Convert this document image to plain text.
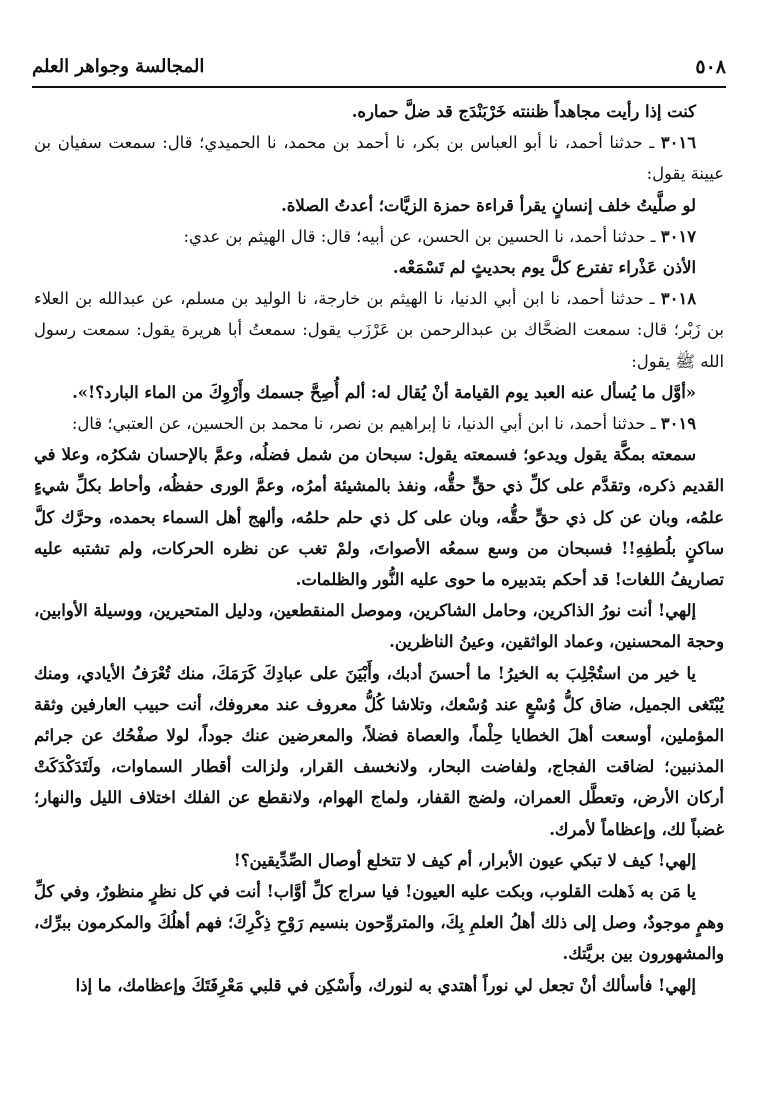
٥٠٨
المجالسة وجواهر العلم

كنت إذا رأيت مجاهداً ظننته خَرْبَنْدَج قد ضلَّ حماره.

٣٠١٦ ـ حدثنا أحمد، نا أبو العباس بن بكر، نا أحمد بن محمد، نا الحميدي؛ قال: سمعت سفيان بن عيينة يقول:

لو صلَّيتُ خلف إنسانٍ يقرأ قراءة حمزة الزيَّات؛ أعدتُ الصلاة.

٣٠١٧ ـ حدثنا أحمد، نا الحسين بن الحسن، عن أبيه؛ قال: قال الهيثم بن عدي:

الأذن عَذْراء تفترع كلَّ يوم بحديثٍ لم تَسْمَعْه.

٣٠١٨ ـ حدثنا أحمد، نا ابن أبي الدنيا، نا الهيثم بن خارجة، نا الوليد بن مسلم، عن عبدالله بن العلاء بن زَبْر؛ قال: سمعت الضحَّاك بن عبدالرحمن بن عَرْزَب يقول: سمعتُ أبا هريرة يقول: سمعت رسول الله ﷺ يقول:

«أوَّل ما يُسأل عنه العبد يوم القيامة أنْ يُقال له: ألم أُصِحَّ جسمك وأَرْوِكَ من الماء البارد؟!».

٣٠١٩ ـ حدثنا أحمد، نا ابن أبي الدنيا، نا إبراهيم بن نصر، نا محمد بن الحسين، عن العتبي؛ قال:

سمعته بمكَّة يقول ويدعو؛ فسمعته يقول: سبحان من شمل فضلُه، وعمَّ بالإحسان شكرُه، وعلا في القديم ذكره، وتقدَّم على كلِّ ذي حقٍّ حقُّه، ونفذ بالمشيئة أمرُه، وعمَّ الورى حفظُه، وأحاط بكلِّ شيءٍ علمُه، وبان عن كل ذي حقٍّ حقُّه، وبان على كل ذي حلم حلمُه، وألهج أهل السماء بحمده، وحرَّك كلَّ ساكنٍ بلُطفِهِ!! فسبحان من وسع سمعُه الأصواتَ، ولمْ تغب عن نظره الحركات، ولم تشتبه عليه تصاريفُ اللغات! قد أحكم بتدبيره ما حوى عليه النُّور والظلمات.

إلهي! أنت نورُ الذاكرين، وحامل الشاكرين، وموصل المنقطعين، ودليل المتحيرين، ووسيلة الأوابين، وحجة المحسنين، وعماد الواثقين، وعينُ الناظرين.

يا خير من استُجْلِبَ به الخيرُ! ما أحسنَ أدبك، وأَبْيَنَ على عبادِكَ كَرَمَكَ، منك تُعْرَفُ الأيادي، ومنك يُبْتَغى الجميل، ضاق كلُّ وُسْعٍ عند وُسْعك، وتلاشا كُلُّ معروف عند معروفك، أنت حبيب العارفين وثقة المؤملين، أوسعت أهلَ الخطايا حِلْماً، والعصاة فضلاً، والمعرضين عنك جوداً، لولا صفْحُك عن جرائم المذنبين؛ لضاقت الفجاج، ولفاضت البحار، ولانخسف القرار، ولزالت أقطار السماوات، ولَتَدَكْدَكَتْ أركان الأرض، وتعطَّل العمران، ولضج القفار، ولماج الهوام، ولانقطع عن الفلك اختلاف الليل والنهار؛ غضباً لك، وإعظاماً لأمرك.

إلهي! كيف لا تبكي عيون الأبرار، أم كيف لا تتخلع أوصال الصِّدِّيقين؟!

يا مَن به ذَهلت القلوب، وبكت عليه العيون! فيا سراج كلِّ أوَّاب! أنت في كل نظرٍ منظورٌ، وفي كلِّ وهمٍ موجودٌ، وصل إلى ذلك أهلُ العلمِ بِكَ، والمتروِّحون بنسيم رَوْحِ ذِكْرِكَ؛ فهم أهلُكَ والمكرمون ببرِّك، والمشهورون بين بريَّتك.

إلهي! فأسألك أنْ تجعل لي نوراً أهتدي به لنورك، وأَسْكِن في قلبي مَعْرِفَتَكَ وإعظامك، ما إذا
